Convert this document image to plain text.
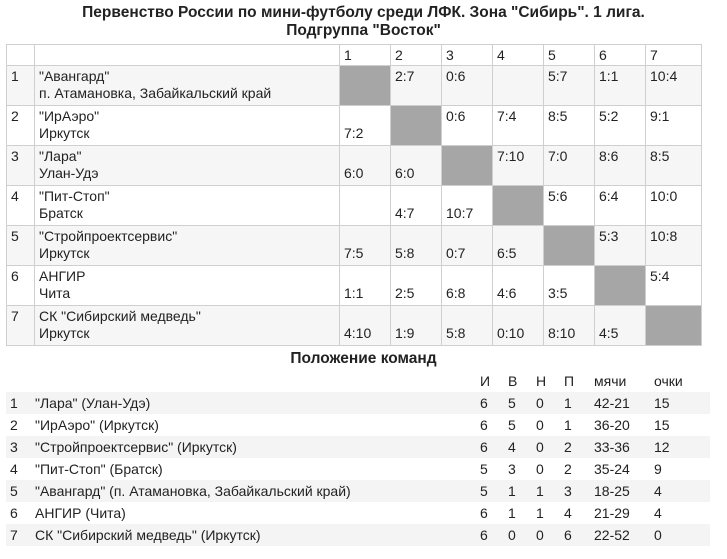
Первенство России по мини-футболу среди ЛФК. Зона "Сибирь". 1 лига.
Подгруппа "Восток"
		1	2	3	4	5	6	7
1	"Авангард"
п. Атамановка, Забайкальский край		2:7	0:6		5:7	1:1	10:4

2	"ИрАэро"
Иркутск	7:2		0:6	7:4	8:5	5:2	9:1

3	"Лара"
Улан-Удэ	6:0	6:0		7:10	7:0	8:6	8:5

4	"Пит-Стоп"
Братск		4:7	10:7		5:6	6:4	10:0

5	"Стройпроектсервис"
Иркутск	7:5	5:8	0:7	6:5		5:3	10:8

6	АНГИР
Чита	1:1	2:5	6:8	4:6	3:5		5:4

7	СК "Сибирский медведь"
Иркутск	4:10	1:9	5:8	0:10	8:10	4:5	

Положение команд
		И	В	Н	П	мячи	очки
1	"Лара" (Улан-Удэ)	6	5	0	1	42-21	15
2	"ИрАэро" (Иркутск)	6	5	0	1	36-20	15
3	"Стройпроектсервис" (Иркутск)	6	4	0	2	33-36	12
4	"Пит-Стоп" (Братск)	5	3	0	2	35-24	9
5	"Авангард" (п. Атамановка, Забайкальский край)	5	1	1	3	18-25	4
6	АНГИР (Чита)	6	1	1	4	21-29	4
7	СК "Сибирский медведь" (Иркутск)	6	0	0	6	22-52	0
